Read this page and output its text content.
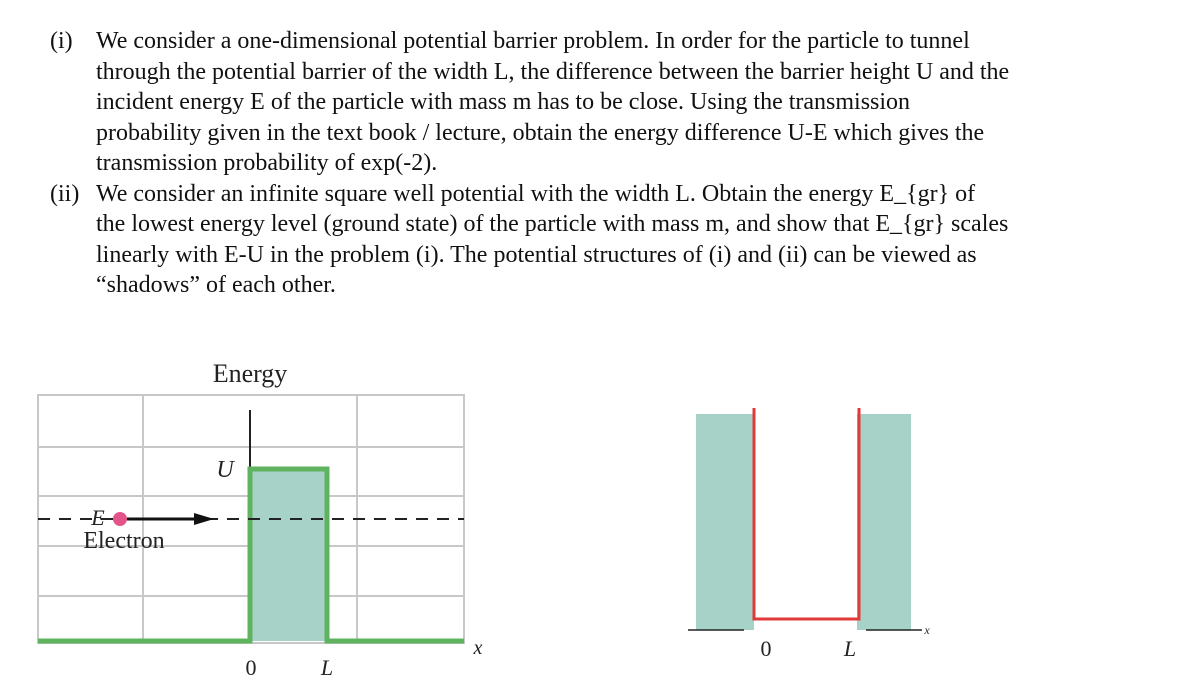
(i) We consider a one-dimensional potential barrier problem. In order for the particle to tunnel
through the potential barrier of the width L, the difference between the barrier height U and the
incident energy E of the particle with mass m has to be close. Using the transmission
probability given in the text book / lecture, obtain the energy difference U-E which gives the
transmission probability of exp(-2).
(ii) We consider an infinite square well potential with the width L. Obtain the energy E_{gr} of
the lowest energy level (ground state) of the particle with mass m, and show that E_{gr} scales
linearly with E-U in the problem (i). The potential structures of (i) and (ii) can be viewed as
“shadows” of each other.
Energy
U
E
Electron
0	L
x	0	L
x
